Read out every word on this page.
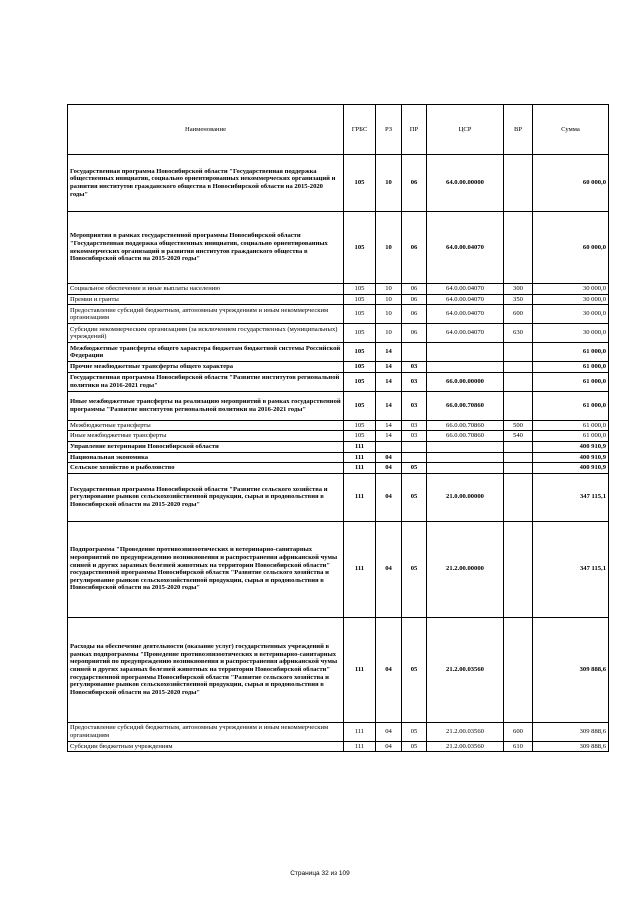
Наименование	ГРБС	РЗ	ПР	ЦСР	ВР	Сумма
Государственная программа Новосибирской области "Государственная поддержка общественных инициатив, социально ориентированных некоммерческих организаций и развития институтов гражданского общества в Новосибирской области на 2015-2020 годы"	105	10	06	64.0.00.00000		60 000,0
Мероприятия в рамках государственной программы Новосибирской области "Государственная поддержка общественных инициатив, социально ориентированных некоммерческих организаций и развития институтов гражданского общества в Новосибирской области на 2015-2020 годы"	105	10	06	64.0.00.04070		60 000,0
Социальное обеспечение и иные выплаты населению	105	10	06	64.0.00.04070	300	30 000,0
Премии и гранты	105	10	06	64.0.00.04070	350	30 000,0
Предоставление субсидий бюджетным, автономным учреждениям и иным некоммерческим организациям	105	10	06	64.0.00.04070	600	30 000,0
Субсидии некоммерческим организациям (за исключением государственных (муниципальных) учреждений)	105	10	06	64.0.00.04070	630	30 000,0
Межбюджетные трансферты общего характера бюджетам бюджетной системы Российской Федерации	105	14				61 000,0
Прочие межбюджетные трансферты общего характера	105	14	03			61 000,0
Государственная программа Новосибирской области "Развитие институтов региональной политики на 2016-2021 годы"	105	14	03	66.0.00.00000		61 000,0
Иные межбюджетные трансферты на реализацию мероприятий в рамках государственной программы "Развитие институтов региональной политики на 2016-2021 годы"	105	14	03	66.0.00.70860		61 000,0
Межбюджетные трансферты	105	14	03	66.0.00.70860	500	61 000,0
Иные межбюджетные трансферты	105	14	03	66.0.00.70860	540	61 000,0
Управление ветеринарии Новосибирской области	111					400 910,9
Национальная экономика	111	04				400 910,9
Сельское хозяйство и рыболовство	111	04	05			400 910,9
Государственная программа Новосибирской области "Развитие сельского хозяйства и регулирование рынков сельскохозяйственной продукции, сырья и продовольствия в Новосибирской области на 2015-2020 годы"	111	04	05	21.0.00.00000		347 115,1
Подпрограмма "Проведение противоэпизоотических и ветеринарно-санитарных мероприятий по предупреждению возникновения и распространения африканской чумы свиней и других заразных болезней животных на территории Новосибирской области" государственной программы Новосибирской области "Развитие сельского хозяйства и регулирование рынков сельскохозяйственной продукции, сырья и продовольствия в Новосибирской области на 2015-2020 годы"	111	04	05	21.2.00.00000		347 115,1
Расходы на обеспечение деятельности (оказание услуг) государственных учреждений в рамках подпрограммы "Проведение противоэпизоотических и ветеринарно-санитарных мероприятий по предупреждению возникновения и распространения африканской чумы свиней и других заразных болезней животных на территории Новосибирской области" государственной программы Новосибирской области "Развитие сельского хозяйства и регулирование рынков сельскохозяйственной продукции, сырья и продовольствия в Новосибирской области на 2015-2020 годы"	111	04	05	21.2.00.03560		309 888,6
Предоставление субсидий бюджетным, автономным учреждениям и иным некоммерческим организациям	111	04	05	21.2.00.03560	600	309 888,6
Субсидии бюджетным учреждениям	111	04	05	21.2.00.03560	610	309 888,6
Страница 32 из 109
